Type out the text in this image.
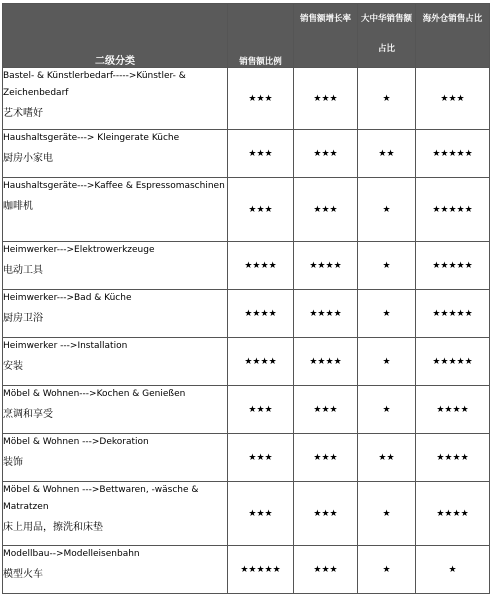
二级分类	销售额比例	销售额增长率	大中华销售额占比	海外仓销售占比

Bastel- & Künstlerbedarf----->Künstler- & Zeichenbedarf
艺术嗜好	★★★	★★★	★	★★★

Haushaltsgeräte---> Kleingerate Küche
厨房小家电	★★★	★★★	★★	★★★★★

Haushaltsgeräte--->Kaffee & Espressomaschinen
咖啡机	★★★	★★★	★	★★★★★

Heimwerker--->Elektrowerkzeuge
电动工具	★★★★	★★★★	★	★★★★★

Heimwerker--->Bad & Küche
厨房卫浴	★★★★	★★★★	★	★★★★★

Heimwerker --->Installation
安装	★★★★	★★★★	★	★★★★★

Möbel & Wohnen--->Kochen & Genießen
烹调和享受	★★★	★★★	★	★★★★

Möbel & Wohnen --->Dekoration
装饰	★★★	★★★	★★	★★★★

Möbel & Wohnen --->Bettwaren, -wäsche & Matratzen
床上用品，擦洗和床垫	★★★	★★★	★	★★★★

Modellbau-->Modelleisenbahn
模型火车	★★★★★	★★★	★	★
